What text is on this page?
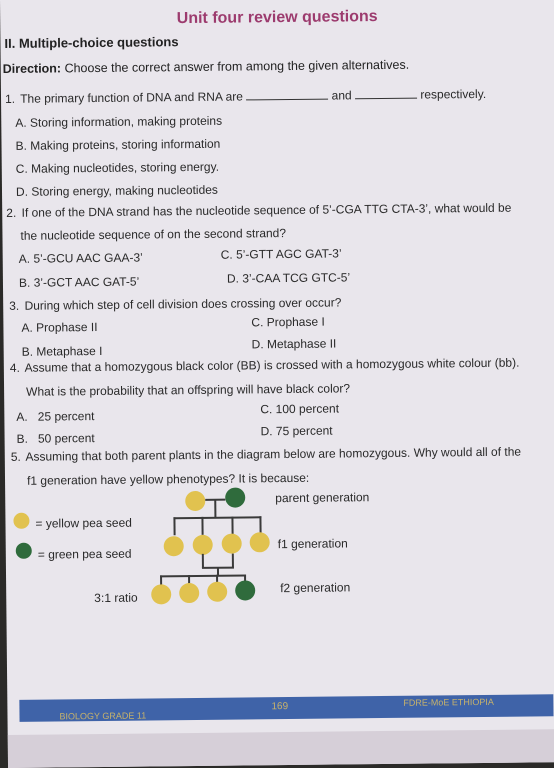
Unit four review questions
II. Multiple-choice questions
Direction: Choose the correct answer from among the given alternatives.
1. The primary function of DNA and RNA are	and	respectively.
A. Storing information, making proteins
B. Making proteins, storing information
C. Making nucleotides, storing energy.
D. Storing energy, making nucleotides
2. If one of the DNA strand has the nucleotide sequence of 5’-CGA TTG CTA-3’, what would be
the nucleotide sequence of on the second strand?
A. 5’-GCU AAC GAA-3’	C. 5’-GTT AGC GAT-3’
B. 3’-GCT AAC GAT-5’	D. 3’-CAA TCG GTC-5’
3. During which step of cell division does crossing over occur?
A. Prophase II	C. Prophase I
B. Metaphase I	D. Metaphase II
4. Assume that a homozygous black color (BB) is crossed with a homozygous white colour (bb).
What is the probability that an offspring will have black color?
A. 25 percent	C. 100 percent
B. 50 percent	D. 75 percent
5. Assuming that both parent plants in the diagram below are homozygous. Why would all of the
f1 generation have yellow phenotypes? It is because:
= yellow pea seed
= green pea seed
parent generation
f1 generation
3:1 ratio
f2 generation
BIOLOGY GRADE 11
169	FDRE-MoE ETHIOPIA
